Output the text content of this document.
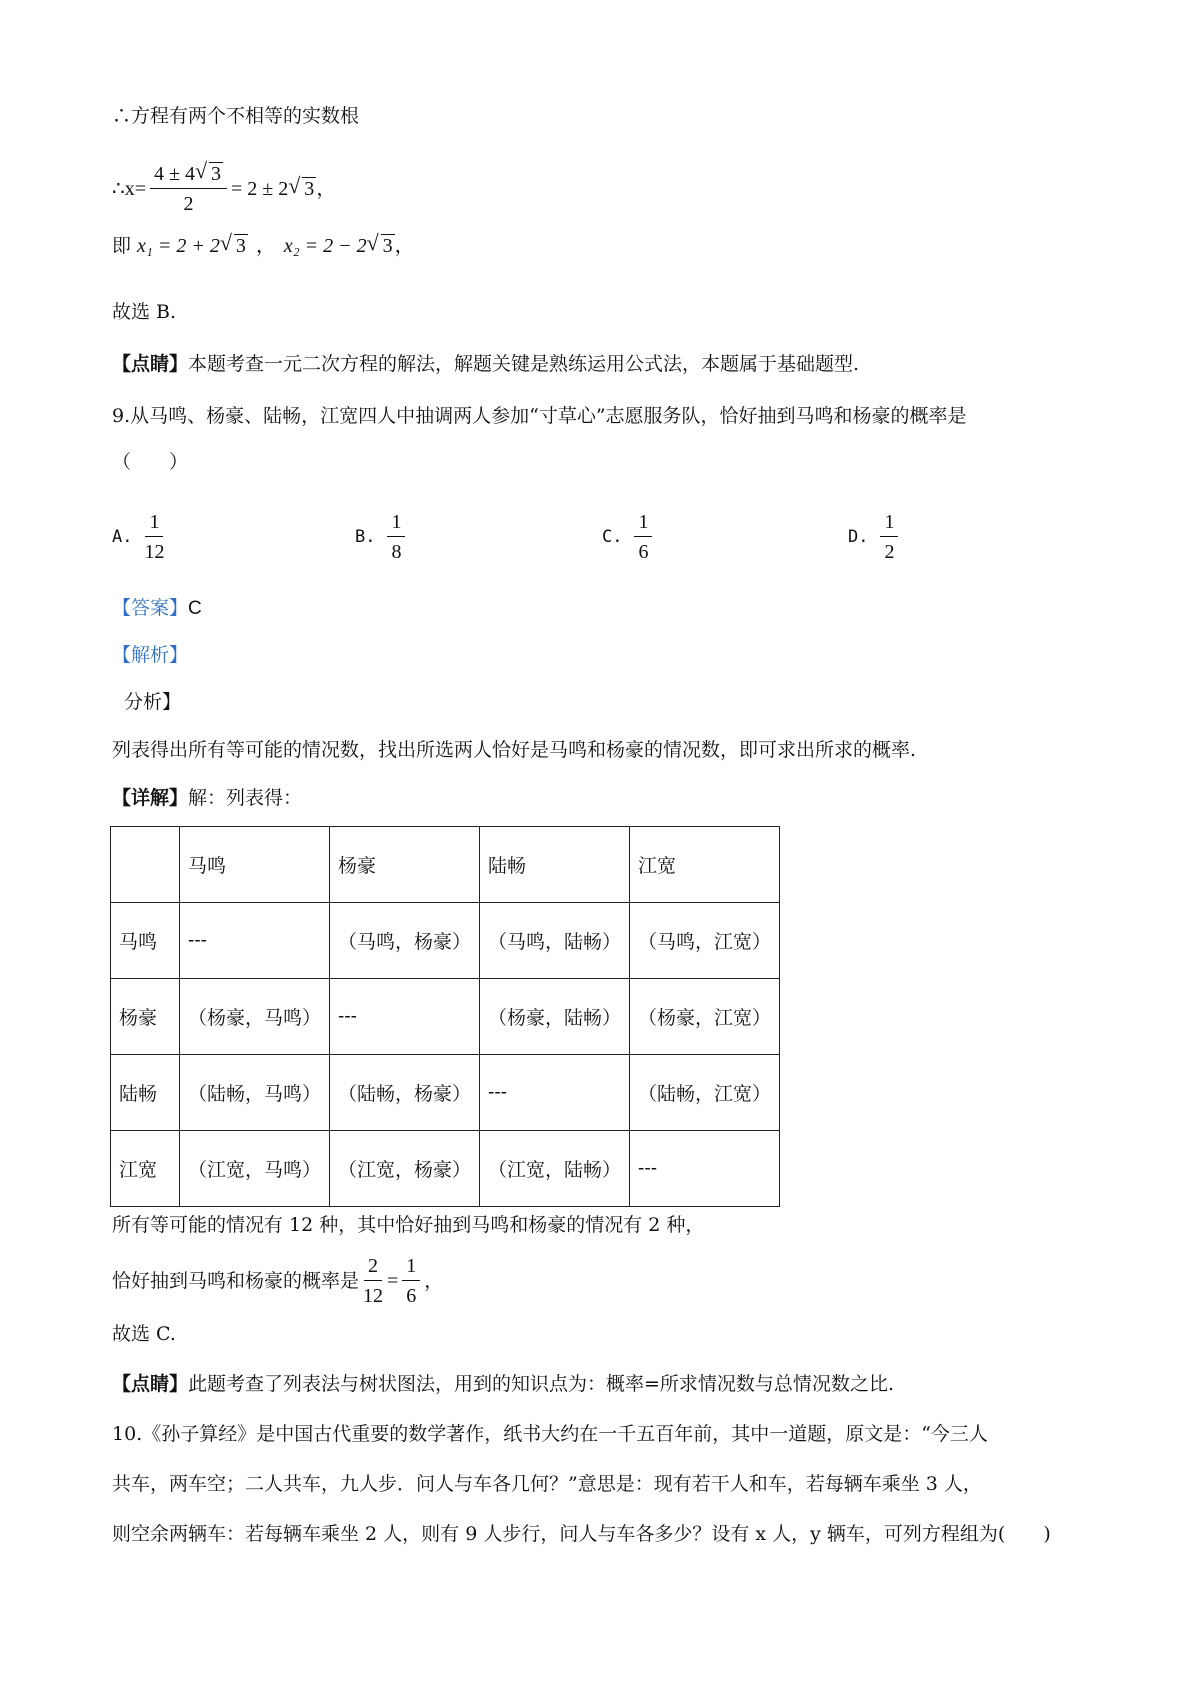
∴方程有两个不相等的实数根
∴x= $\frac{4 \pm 4 √ 3}{2} = 2 \pm 2$ √ 3 ，
即 x₁ = 2 + 2 √ 3 ， x₂ = 2 − 2 √ 3 ，
故选 B.
【点睛】本题考查一元二次方程的解法，解题关键是熟练运用公式法，本题属于基础题型.
9.从马鸣、杨豪、陆畅，江宽四人中抽调两人参加“寸草心”志愿服务队，恰好抽到马鸣和杨豪的概率是
（　　）
A. $\frac{1}{12}$	B. $\frac{1}{8}$	C. $\frac{1}{6}$	D. $\frac{1}{2}$
【答案】C
【解析】
分析】
列表得出所有等可能的情况数，找出所选两人恰好是马鸣和杨豪的情况数，即可求出所求的概率.
【详解】解：列表得：
	马鸣	杨豪	陆畅	江宽
马鸣	---	（马鸣，杨豪）	（马鸣，陆畅）	（马鸣，江宽）
杨豪	（杨豪，马鸣）	---	（杨豪，陆畅）	（杨豪，江宽）
陆畅	（陆畅，马鸣）	（陆畅，杨豪）	---	（陆畅，江宽）
江宽	（江宽，马鸣）	（江宽，杨豪）	（江宽，陆畅）	---
所有等可能的情况有 12 种，其中恰好抽到马鸣和杨豪的情况有 2 种，
恰好抽到马鸣和杨豪的概率是 $\frac{2}{12} = \frac{1}{6}$ ，
故选 C.
【点睛】此题考查了列表法与树状图法，用到的知识点为：概率=所求情况数与总情况数之比.
10.《孙子算经》是中国古代重要的数学著作，纸书大约在一千五百年前，其中一道题，原文是：“今三人
共车，两车空；二人共车，九人步．问人与车各几何？”意思是：现有若干人和车，若每辆车乘坐 3 人，
则空余两辆车：若每辆车乘坐 2 人，则有 9 人步行，问人与车各多少？设有 x 人，y 辆车，可列方程组为(　　)
